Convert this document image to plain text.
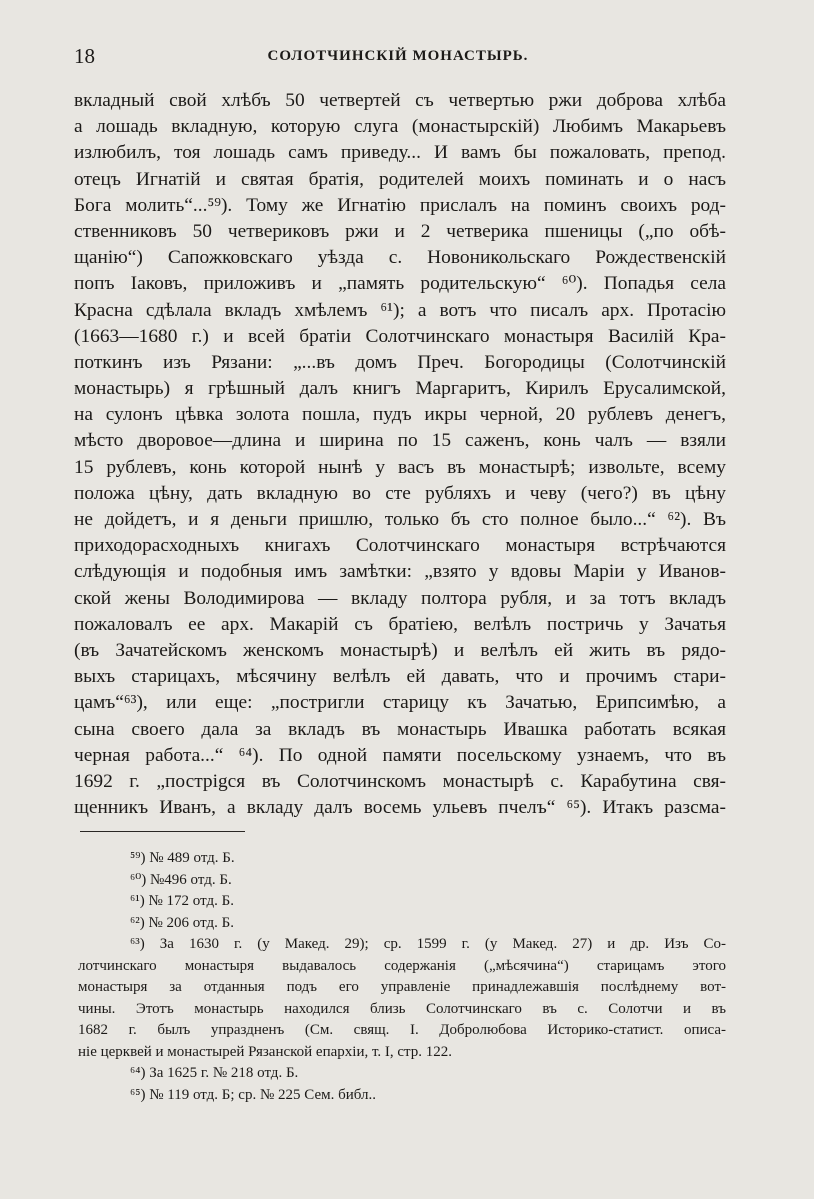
18	СОЛОТЧИНСКІЙ МОНАСТЫРЬ.
вкладный свой хлѣбъ 50 четвертей съ четвертью ржи доброва хлѣба
а лошадь вкладную, которую слуга (монастырскій) Любимъ Макарьевъ
излюбилъ, тоя лошадь самъ приведу... И вамъ бы пожаловать, препод.
отецъ Игнатій и святая братія, родителей моихъ поминать и о насъ
Бога молить“...⁵⁹). Тому же Игнатію прислалъ на поминъ своихъ род-
ственниковъ 50 четвериковъ ржи и 2 четверика пшеницы („по обѣ-
щанію“) Сапожковскаго уѣзда с. Новоникольскаго Рождественскій
попъ Іаковъ, приложивъ и „память родительскую“ ⁶⁰). Попадья села
Красна сдѣлала вкладъ хмѣлемъ ⁶¹); а вотъ что писалъ арх. Протасію
(1663—1680 г.) и всей братіи Солотчинскаго монастыря Василій Кра-
поткинъ изъ Рязани: „...въ домъ Преч. Богородицы (Солотчинскій
монастырь) я грѣшный далъ книгъ Маргаритъ, Кирилъ Ерусалимской,
на сулонъ цѣвка золота пошла, пудъ икры черной, 20 рублевъ денегъ,
мѣсто дворовое—длина и ширина по 15 саженъ, конь чалъ — взяли
15 рублевъ, конь которой нынѣ у васъ въ монастырѣ; извольте, всему
положа цѣну, дать вкладную во сте рубляхъ и чеву (чего?) въ цѣну
не дойдетъ, и я деньги пришлю, только бъ сто полное было...“ ⁶²). Въ
приходорасходныхъ книгахъ Солотчинскаго монастыря встрѣчаются
слѣдующія и подобныя имъ замѣтки: „взято у вдовы Маріи у Иванов-
ской жены Володимирова — вкладу полтора рубля, и за тотъ вкладъ
пожаловалъ ее арх. Макарій съ братіею, велѣлъ постричь у Зачатья
(въ Зачатейскомъ женскомъ монастырѣ) и велѣлъ ей жить въ рядо-
выхъ старицахъ, мѣсячину велѣлъ ей давать, что и прочимъ стари-
цамъ“⁶³), или еще: „постригли старицу къ Зачатью, Ерипсимѣю, а
сына своего дала за вкладъ въ монастырь Ивашка работать всякая
черная работа...“ ⁶⁴). По одной памяти посельскому узнаемъ, что въ
1692 г. „пострigся въ Солотчинскомъ монастырѣ с. Карабутина свя-
щенникъ Иванъ, а вкладу далъ восемь ульевъ пчелъ“ ⁶⁵). Итакъ разсма-
⁵⁹) № 489 отд. Б.
⁶⁰) №496 отд. Б.
⁶¹) № 172 отд. Б.
⁶²) № 206 отд. Б.
⁶³) За 1630 г. (у Макед. 29); ср. 1599 г. (у Макед. 27) и др. Изъ Со-
лотчинскаго монастыря выдавалось содержанія („мѣсячина“) старицамъ этого
монастыря за отданныя подъ его управленіе принадлежавшія послѣднему вот-
чины. Этотъ монастырь находился близь Солотчинскаго въ с. Солотчи и въ
1682 г. былъ упраздненъ (См. свящ. І. Добролюбова Историко-статист. описа-
ніе церквей и монастырей Рязанской епархіи, т. I, стр. 122.
⁶⁴) За 1625 г. № 218 отд. Б.
⁶⁵) № 119 отд. Б; ср. № 225 Сем. библ..
